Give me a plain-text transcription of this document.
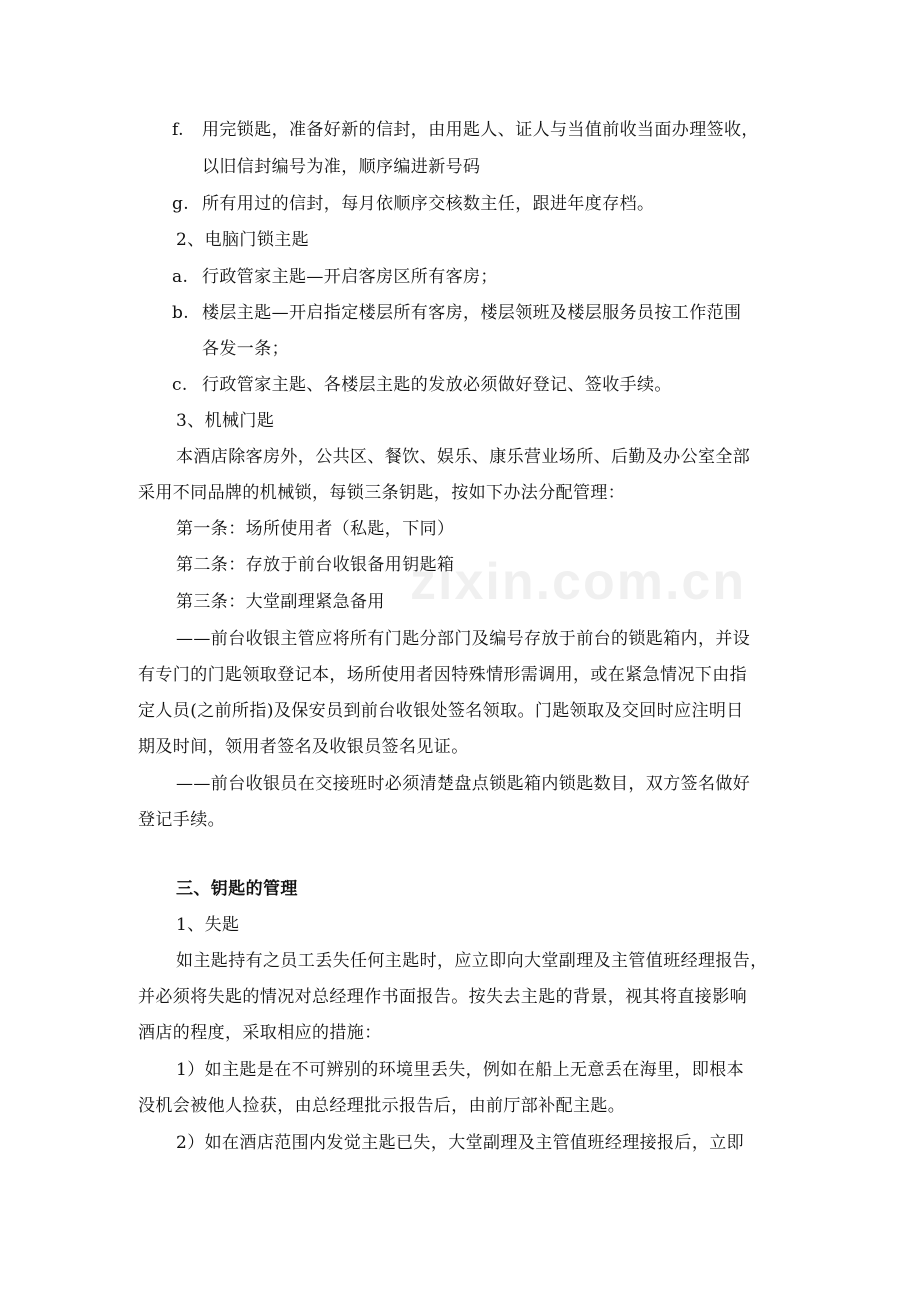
zixin.com.cn
f. 用完锁匙，准备好新的信封，由用匙人、证人与当值前收当面办理签收，
以旧信封编号为准，顺序编进新号码
g. 所有用过的信封，每月依顺序交核数主任，跟进年度存档。
2、电脑门锁主匙
a. 行政管家主匙—开启客房区所有客房；
b. 楼层主匙—开启指定楼层所有客房，楼层领班及楼层服务员按工作范围
各发一条；
c. 行政管家主匙、各楼层主匙的发放必须做好登记、签收手续。
3、机械门匙
本酒店除客房外，公共区、餐饮、娱乐、康乐营业场所、后勤及办公室全部
采用不同品牌的机械锁，每锁三条钥匙，按如下办法分配管理：
第一条：场所使用者（私匙，下同）
第二条：存放于前台收银备用钥匙箱
第三条：大堂副理紧急备用
——前台收银主管应将所有门匙分部门及编号存放于前台的锁匙箱内，并设
有专门的门匙领取登记本，场所使用者因特殊情形需调用，或在紧急情况下由指
定人员(之前所指)及保安员到前台收银处签名领取。门匙领取及交回时应注明日
期及时间，领用者签名及收银员签名见证。
——前台收银员在交接班时必须清楚盘点锁匙箱内锁匙数目，双方签名做好
登记手续。
三、钥匙的管理
1、失匙
如主匙持有之员工丢失任何主匙时，应立即向大堂副理及主管值班经理报告，
并必须将失匙的情况对总经理作书面报告。按失去主匙的背景，视其将直接影响
酒店的程度，采取相应的措施：
1）如主匙是在不可辨别的环境里丢失，例如在船上无意丢在海里，即根本
没机会被他人捡获，由总经理批示报告后，由前厅部补配主匙。
2）如在酒店范围内发觉主匙已失，大堂副理及主管值班经理接报后，立即
